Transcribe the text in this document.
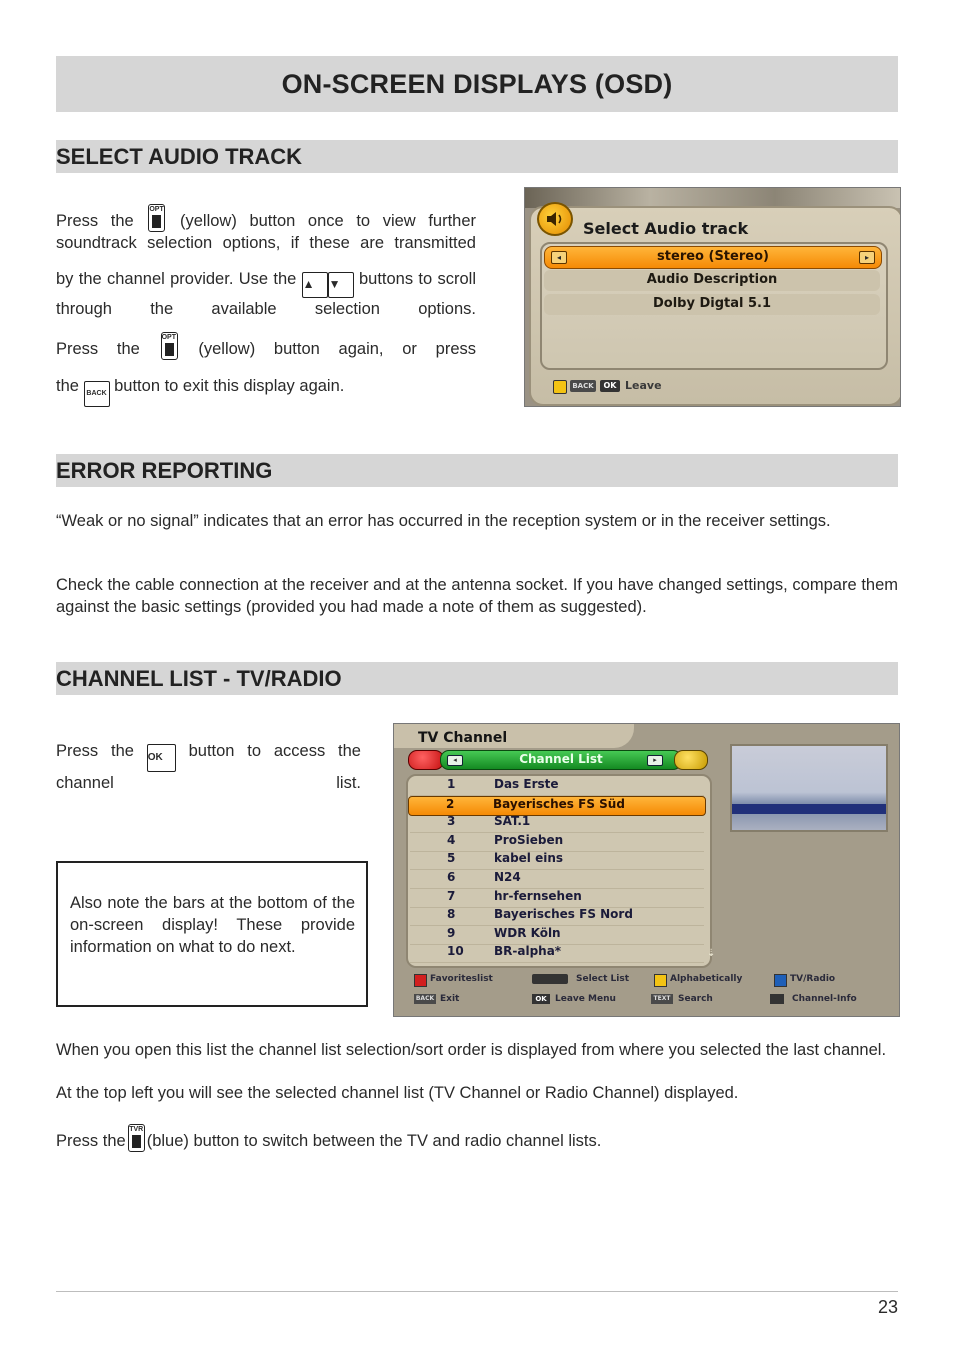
ON-SCREEN DISPLAYS (OSD)
SELECT AUDIO TRACK
Press the
OPT
(yellow) button once to view further soundtrack selection options, if these are transmitted
by the channel provider. Use the ▲ ▼ buttons to scroll through the available selection options.
Press the
OPT
(yellow) button again, or press
the BACK button to exit this display again.
Select Audio track
◂	stereo (Stereo)	▸
Audio Description
Dolby Digtal 5.1
BACK	OK Leave
ERROR REPORTING
“Weak or no signal” indicates that an error has occurred in the reception system or in the receiver settings.
Check the cable connection at the receiver and at the antenna socket. If you have changed settings, compare them against the basic settings (provided you had made a note of them as suggested).
CHANNEL LIST - TV/RADIO
Press the OK button to access the channel list.
Also note the bars at the bottom of the on-screen display! These provide information on what to do next.
TV Channel
◂	Channel List	▸
1	Das Erste
2	Bayerisches FS Süd
3	SAT.1
4	ProSieben
5	kabel eins
6	N24
7	hr-fernsehen
8	Bayerisches FS Nord
9	WDR Köln
10	BR-alpha*	⇣
Favoriteslist	Select List	Alphabetically	TV/Radio
BACK Exit	OK Leave Menu	TEXT Search	Channel-Info
When you open this list the channel list selection/sort order is displayed from where you selected the last channel.
At the top left you will see the selected channel list (TV Channel or Radio Channel) displayed.
Press the
TVR
(blue) button to switch between the TV and radio channel lists.
23
